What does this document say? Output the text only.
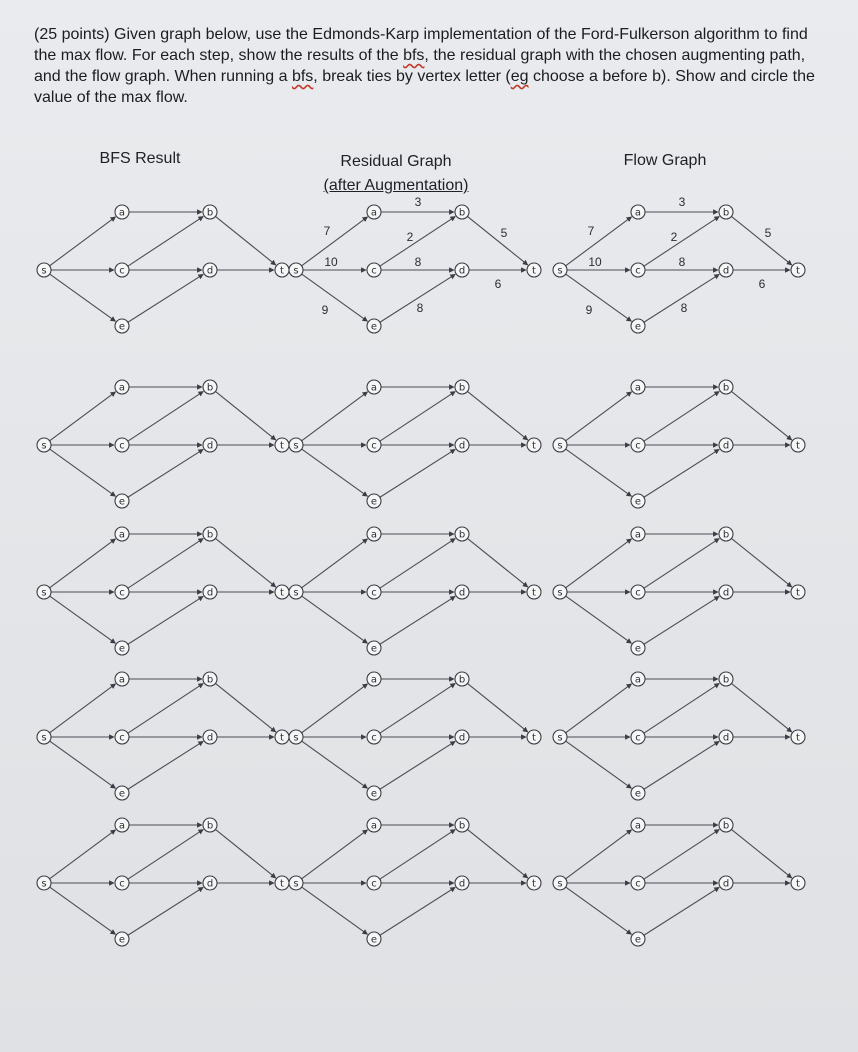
(25 points) Given graph below, use the Edmonds-Karp implementation of the Ford-Fulkerson algorithm to find the max flow. For each step, show the results of the bfs, the residual graph with the chosen augmenting path, and the flow graph. When running a bfs, break ties by vertex letter (eg choose a before b). Show and circle the value of the max flow.

BFS Result	Residual Graph
(after Augmentation)
Flow Graph
s
a
c
e
b
d	t
7
10
9
3
2
8
8
5
6
s
a
c
e
b
d	t
7
10
9
3
2
8
8
5
6
s
a
c
e
b
d	t
s
a
c
e
b
d	t s
a
c
e
b
d	t s
a
c
e
b
d	t
s
a
c
e
b
d	t s
a
c
e
b
d	t s
a
c
e
b
d	t
s
a
c
e
b
d	t s
a
c
e
b
d	t s
a
c
e
b
d	t
s
a
c
e
b
d	t s
a
c
e
b
d	t s
a
c
e
b
d	t
